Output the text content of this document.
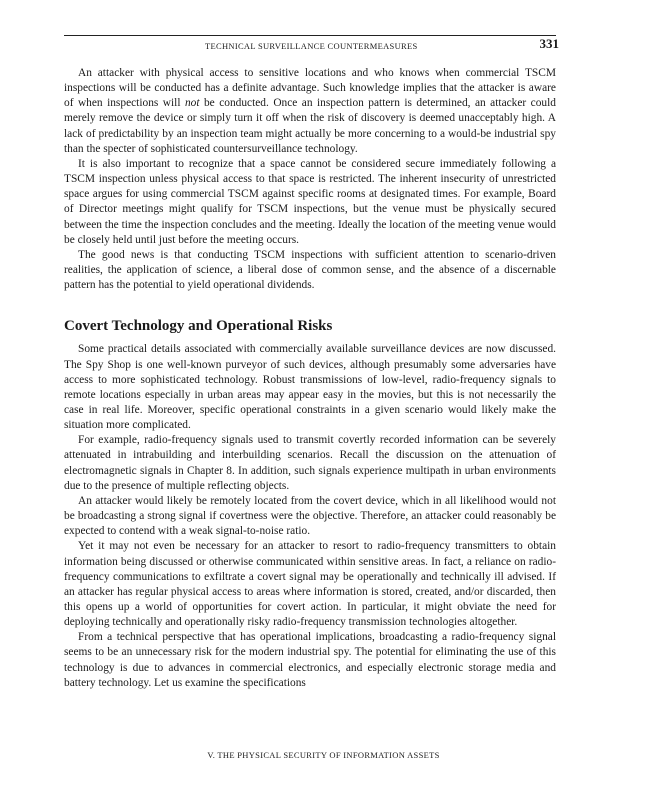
TECHNICAL SURVEILLANCE COUNTERMEASURES	331

An attacker with physical access to sensitive locations and who knows when commercial TSCM inspections will be conducted has a definite advantage. Such knowledge implies that the attacker is aware of when inspections will not be conducted. Once an inspection pattern is determined, an attacker could merely remove the device or simply turn it off when the risk of discovery is deemed unacceptably high. A lack of predictability by an inspection team might actually be more concerning to a would-be industrial spy than the specter of sophisticated countersurveillance technology.

It is also important to recognize that a space cannot be considered secure immediately following a TSCM inspection unless physical access to that space is restricted. The inherent insecurity of unrestricted space argues for using commercial TSCM against specific rooms at designated times. For example, Board of Director meetings might qualify for TSCM inspections, but the venue must be physically secured between the time the inspection concludes and the meeting. Ideally the location of the meeting venue would be closely held until just before the meeting occurs.

The good news is that conducting TSCM inspections with sufficient attention to scenario-driven realities, the application of science, a liberal dose of common sense, and the absence of a discernable pattern has the potential to yield operational dividends.

Covert Technology and Operational Risks

Some practical details associated with commercially available surveillance devices are now discussed. The Spy Shop is one well-known purveyor of such devices, although presumably some adversaries have access to more sophisticated technology. Robust transmissions of low-level, radio-frequency signals to remote locations especially in urban areas may appear easy in the movies, but this is not necessarily the case in real life. Moreover, specific operational constraints in a given scenario would likely make the situation more complicated.

For example, radio-frequency signals used to transmit covertly recorded information can be severely attenuated in intrabuilding and interbuilding scenarios. Recall the discussion on the attenuation of electromagnetic signals in Chapter 8. In addition, such signals experience multipath in urban environments due to the presence of multiple reflecting objects.

An attacker would likely be remotely located from the covert device, which in all likelihood would not be broadcasting a strong signal if covertness were the objective. Therefore, an attacker could reasonably be expected to contend with a weak signal-to-noise ratio.

Yet it may not even be necessary for an attacker to resort to radio-frequency transmitters to obtain information being discussed or otherwise communicated within sensitive areas. In fact, a reliance on radio-frequency communications to exfiltrate a covert signal may be operationally and technically ill advised. If an attacker has regular physical access to areas where information is stored, created, and/or discarded, then this opens up a world of opportunities for covert action. In particular, it might obviate the need for deploying technically and operationally risky radio-frequency transmission technologies altogether.

From a technical perspective that has operational implications, broadcasting a radio-frequency signal seems to be an unnecessary risk for the modern industrial spy. The potential for eliminating the use of this technology is due to advances in commercial electronics, and especially electronic storage media and battery technology. Let us examine the specifications

V. THE PHYSICAL SECURITY OF INFORMATION ASSETS
